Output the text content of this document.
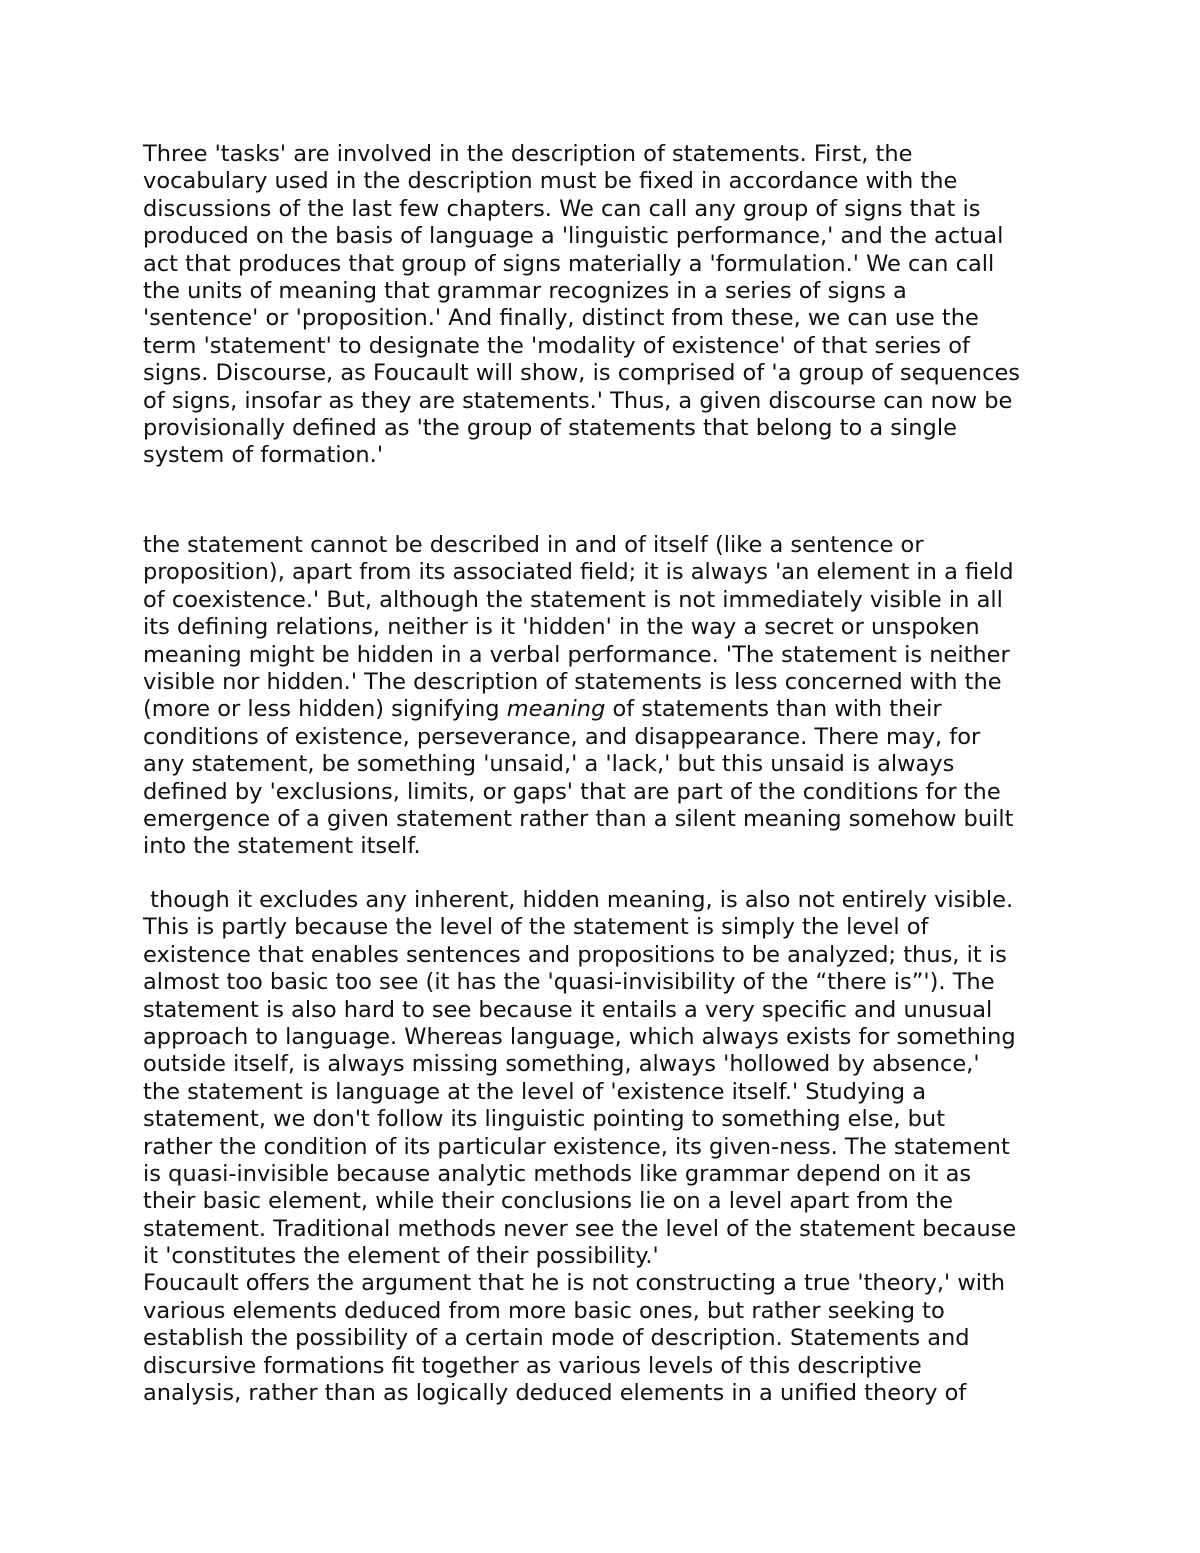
Three 'tasks' are involved in the description of statements. First, the
vocabulary used in the description must be fixed in accordance with the
discussions of the last few chapters. We can call any group of signs that is
produced on the basis of language a 'linguistic performance,' and the actual
act that produces that group of signs materially a 'formulation.' We can call
the units of meaning that grammar recognizes in a series of signs a
'sentence' or 'proposition.' And finally, distinct from these, we can use the
term 'statement' to designate the 'modality of existence' of that series of
signs. Discourse, as Foucault will show, is comprised of 'a group of sequences
of signs, insofar as they are statements.' Thus, a given discourse can now be
provisionally defined as 'the group of statements that belong to a single
system of formation.'
the statement cannot be described in and of itself (like a sentence or
proposition), apart from its associated field; it is always 'an element in a field
of coexistence.' But, although the statement is not immediately visible in all
its defining relations, neither is it 'hidden' in the way a secret or unspoken
meaning might be hidden in a verbal performance. 'The statement is neither
visible nor hidden.' The description of statements is less concerned with the
(more or less hidden) signifying meaning of statements than with their
conditions of existence, perseverance, and disappearance. There may, for
any statement, be something 'unsaid,' a 'lack,' but this unsaid is always
defined by 'exclusions, limits, or gaps' that are part of the conditions for the
emergence of a given statement rather than a silent meaning somehow built
into the statement itself.
though it excludes any inherent, hidden meaning, is also not entirely visible.
This is partly because the level of the statement is simply the level of
existence that enables sentences and propositions to be analyzed; thus, it is
almost too basic too see (it has the 'quasi-invisibility of the “there is”'). The
statement is also hard to see because it entails a very specific and unusual
approach to language. Whereas language, which always exists for something
outside itself, is always missing something, always 'hollowed by absence,'
the statement is language at the level of 'existence itself.' Studying a
statement, we don't follow its linguistic pointing to something else, but
rather the condition of its particular existence, its given-ness. The statement
is quasi-invisible because analytic methods like grammar depend on it as
their basic element, while their conclusions lie on a level apart from the
statement. Traditional methods never see the level of the statement because
it 'constitutes the element of their possibility.'
Foucault offers the argument that he is not constructing a true 'theory,' with
various elements deduced from more basic ones, but rather seeking to
establish the possibility of a certain mode of description. Statements and
discursive formations fit together as various levels of this descriptive
analysis, rather than as logically deduced elements in a unified theory of
